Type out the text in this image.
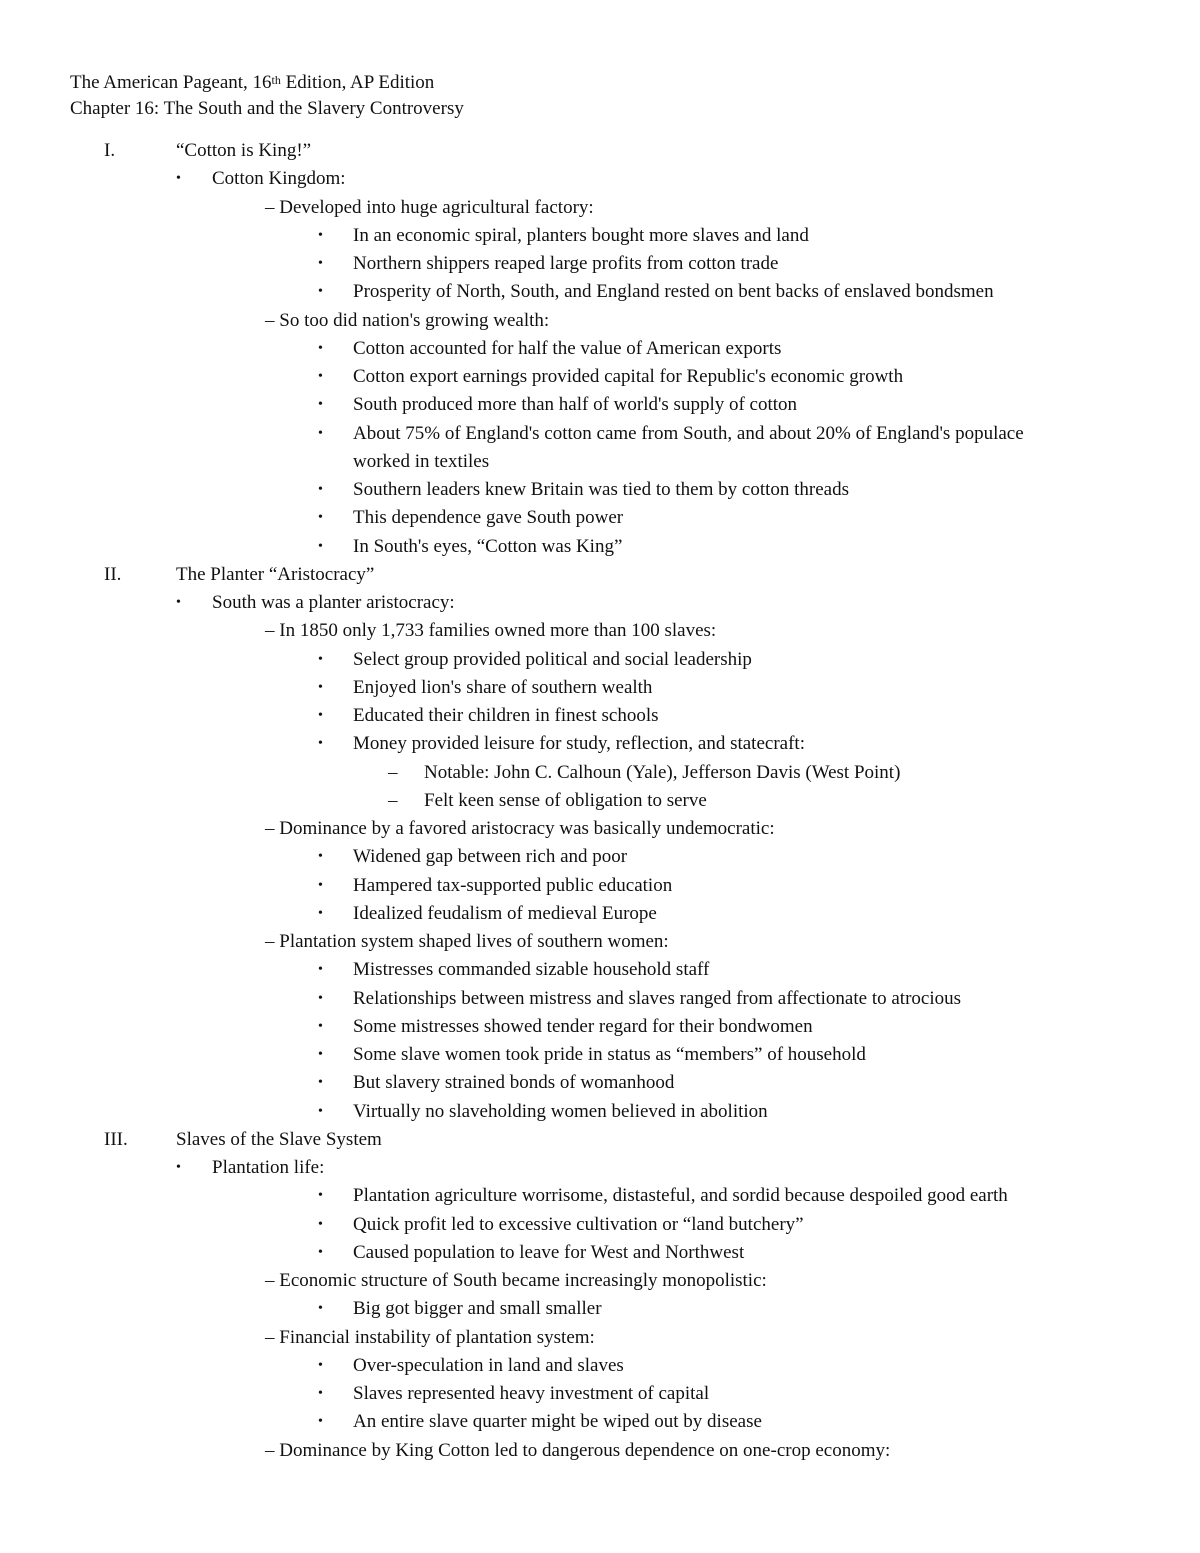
The American Pageant, 16th Edition, AP Edition
Chapter 16: The South and the Slavery Controversy
I.	“Cotton is King!”
• Cotton Kingdom:
– Developed into huge agricultural factory:
• In an economic spiral, planters bought more slaves and land
• Northern shippers reaped large profits from cotton trade
• Prosperity of North, South, and England rested on bent backs of enslaved bondsmen
– So too did nation's growing wealth:
• Cotton accounted for half the value of American exports
• Cotton export earnings provided capital for Republic's economic growth
• South produced more than half of world's supply of cotton
• About 75% of England's cotton came from South, and about 20% of England's populace
worked in textiles
• Southern leaders knew Britain was tied to them by cotton threads
• This dependence gave South power
• In South's eyes, “Cotton was King”
II.	The Planter “Aristocracy”
• South was a planter aristocracy:
– In 1850 only 1,733 families owned more than 100 slaves:
• Select group provided political and social leadership
• Enjoyed lion's share of southern wealth
• Educated their children in finest schools
• Money provided leisure for study, reflection, and statecraft:
– Notable: John C. Calhoun (Yale), Jefferson Davis (West Point)
– Felt keen sense of obligation to serve
– Dominance by a favored aristocracy was basically undemocratic:
• Widened gap between rich and poor
• Hampered tax-supported public education
• Idealized feudalism of medieval Europe
– Plantation system shaped lives of southern women:
• Mistresses commanded sizable household staff
• Relationships between mistress and slaves ranged from affectionate to atrocious
• Some mistresses showed tender regard for their bondwomen
• Some slave women took pride in status as “members” of household
• But slavery strained bonds of womanhood
• Virtually no slaveholding women believed in abolition
III.	Slaves of the Slave System
• Plantation life:
• Plantation agriculture worrisome, distasteful, and sordid because despoiled good earth
• Quick profit led to excessive cultivation or “land butchery”
• Caused population to leave for West and Northwest
– Economic structure of South became increasingly monopolistic:
• Big got bigger and small smaller
– Financial instability of plantation system:
• Over-speculation in land and slaves
• Slaves represented heavy investment of capital
• An entire slave quarter might be wiped out by disease
– Dominance by King Cotton led to dangerous dependence on one-crop economy:
